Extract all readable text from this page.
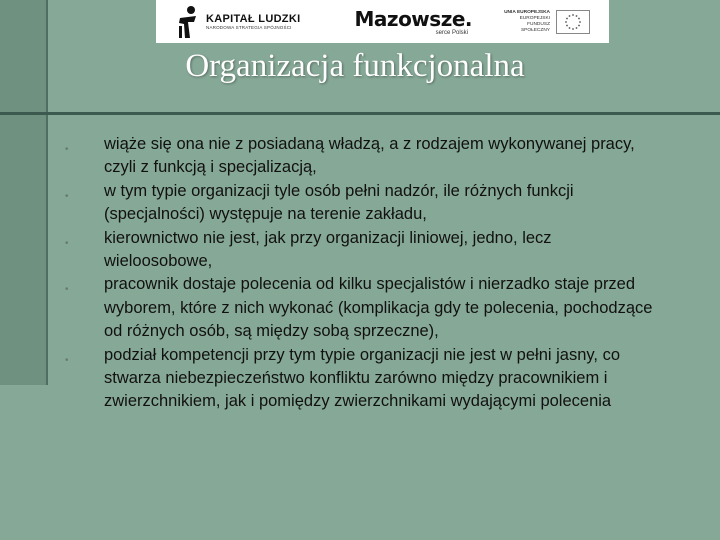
KAPITAŁ LUDZKI
NARODOWA STRATEGIA SPÓJNOŚCI	Mazowsze.
serce Polski
UNIA EUROPEJSKA
EUROPEJSKI
FUNDUSZ SPOŁECZNY
Organizacja funkcjonalna
• wiąże się ona nie z posiadaną władzą, a z rodzajem wykonywanej pracy, czyli z funkcją i specjalizacją,
• w tym typie organizacji tyle osób pełni nadzór, ile różnych funkcji (specjalności) występuje na terenie zakładu,
• kierownictwo nie jest, jak przy organizacji liniowej, jedno, lecz wieloosobowe,
• pracownik dostaje polecenia od kilku specjalistów i nierzadko staje przed wyborem, które z nich wykonać (komplikacja gdy te polecenia, pochodzące od różnych osób, są między sobą sprzeczne),
• podział kompetencji przy tym typie organizacji nie jest w pełni jasny, co stwarza niebezpieczeństwo konfliktu zarówno między pracownikiem i zwierzchnikiem, jak i pomiędzy zwierzchnikami wydającymi polecenia
